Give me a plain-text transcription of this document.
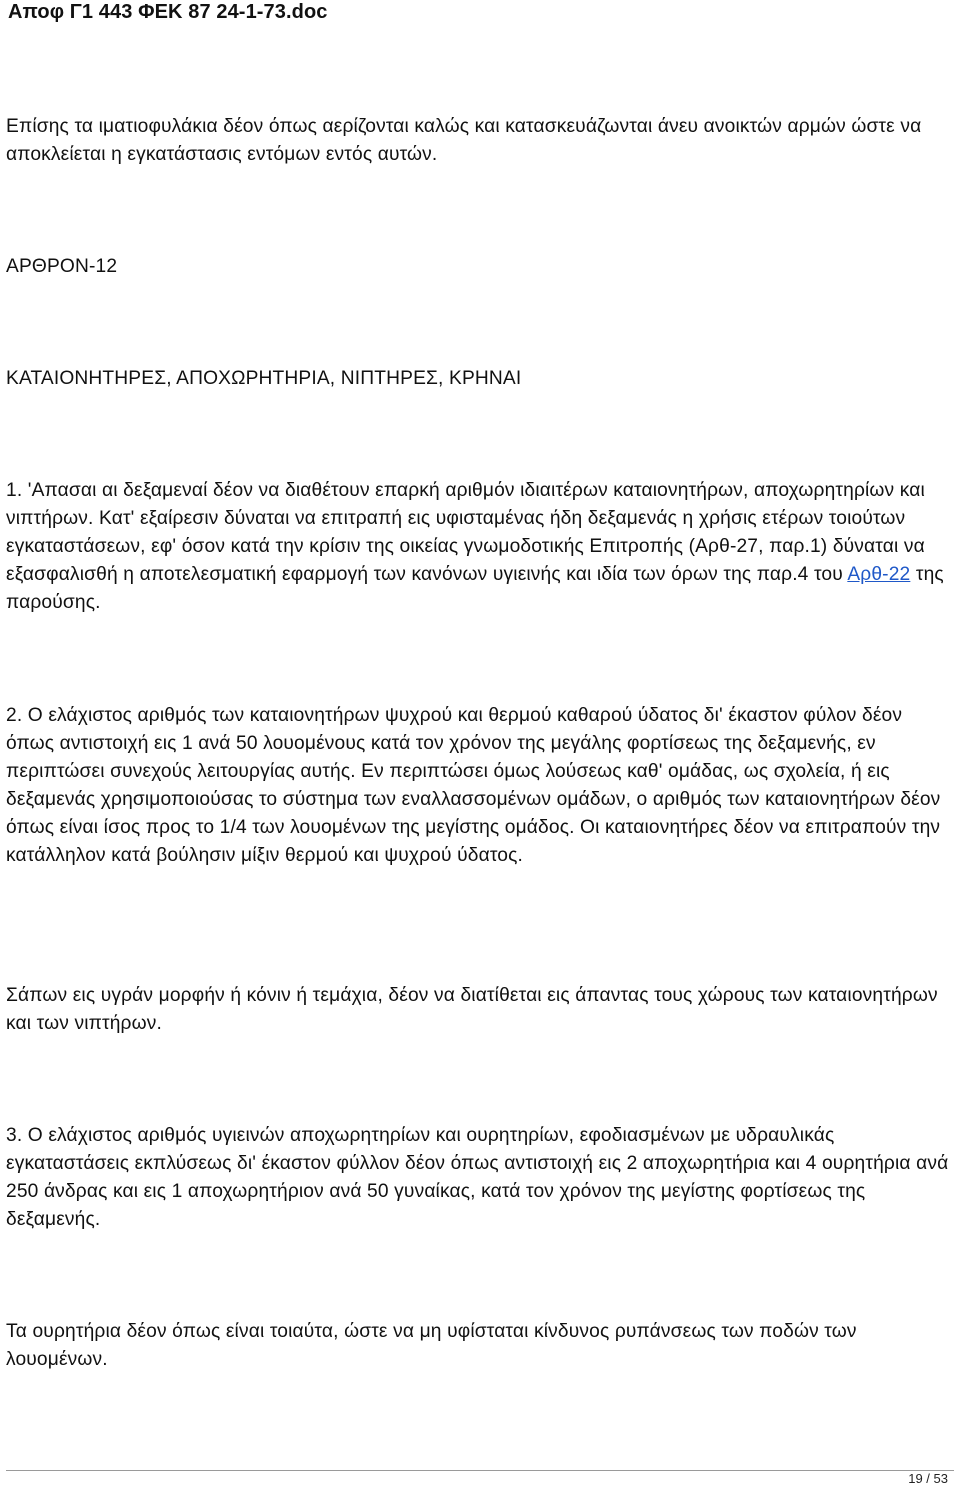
Αποφ Γ1 443 ΦΕΚ 87 24-1-73.doc

Επίσης τα ιματιοφυλάκια δέον όπως αερίζονται καλώς και κατασκευάζωνται άνευ ανοικτών αρμών ώστε να αποκλείεται η εγκατάστασις εντόμων εντός αυτών.

ΑΡΘΡΟΝ-12

ΚΑΤΑΙΟΝΗΤΗΡΕΣ, ΑΠΟΧΩΡΗΤΗΡΙΑ, ΝΙΠΤΗΡΕΣ, ΚΡΗΝΑΙ

1. 'Απασαι αι δεξαμεναί δέον να διαθέτουν επαρκή αριθμόν ιδιαιτέρων καταιονητήρων, αποχωρητηρίων και νιπτήρων. Κατ' εξαίρεσιν δύναται να επιτραπή εις υφισταμένας ήδη δεξαμενάς η χρήσις ετέρων τοιούτων εγκαταστάσεων, εφ' όσον κατά την κρίσιν της οικείας γνωμοδοτικής Επιτροπής (Αρθ-27, παρ.1) δύναται να εξασφαλισθή η αποτελεσματική εφαρμογή των κανόνων υγιεινής και ιδία των όρων της παρ.4 του Αρθ-22 της παρούσης.

2. Ο ελάχιστος αριθμός των καταιονητήρων ψυχρού και θερμού καθαρού ύδατος δι' έκαστον φύλον δέον όπως αντιστοιχή εις 1 ανά 50 λουομένους κατά τον χρόνον της μεγάλης φορτίσεως της δεξαμενής, εν περιπτώσει συνεχούς λειτουργίας αυτής. Εν περιπτώσει όμως λούσεως καθ' ομάδας, ως σχολεία, ή εις δεξαμενάς χρησιμοποιούσας το σύστημα των εναλλασσομένων ομάδων, ο αριθμός των καταιονητήρων δέον όπως είναι ίσος προς το 1/4 των λουομένων της μεγίστης ομάδος. Οι καταιονητήρες δέον να επιτραπούν την κατάλληλον κατά βούλησιν μίξιν θερμού και ψυχρού ύδατος.

Σάπων εις υγράν μορφήν ή κόνιν ή τεμάχια, δέον να διατίθεται εις άπαντας τους χώρους των καταιονητήρων και των νιπτήρων.

3. Ο ελάχιστος αριθμός υγιεινών αποχωρητηρίων και ουρητηρίων, εφοδιασμένων με υδραυλικάς εγκαταστάσεις εκπλύσεως δι' έκαστον φύλλον δέον όπως αντιστοιχή εις 2 αποχωρητήρια και 4 ουρητήρια ανά 250 άνδρας και εις 1 αποχωρητήριον ανά 50 γυναίκας, κατά τον χρόνον της μεγίστης φορτίσεως της δεξαμενής.

Τα ουρητήρια δέον όπως είναι τοιαύτα, ώστε να μη υφίσταται κίνδυνος ρυπάνσεως των ποδών των λουομένων.

19 / 53
